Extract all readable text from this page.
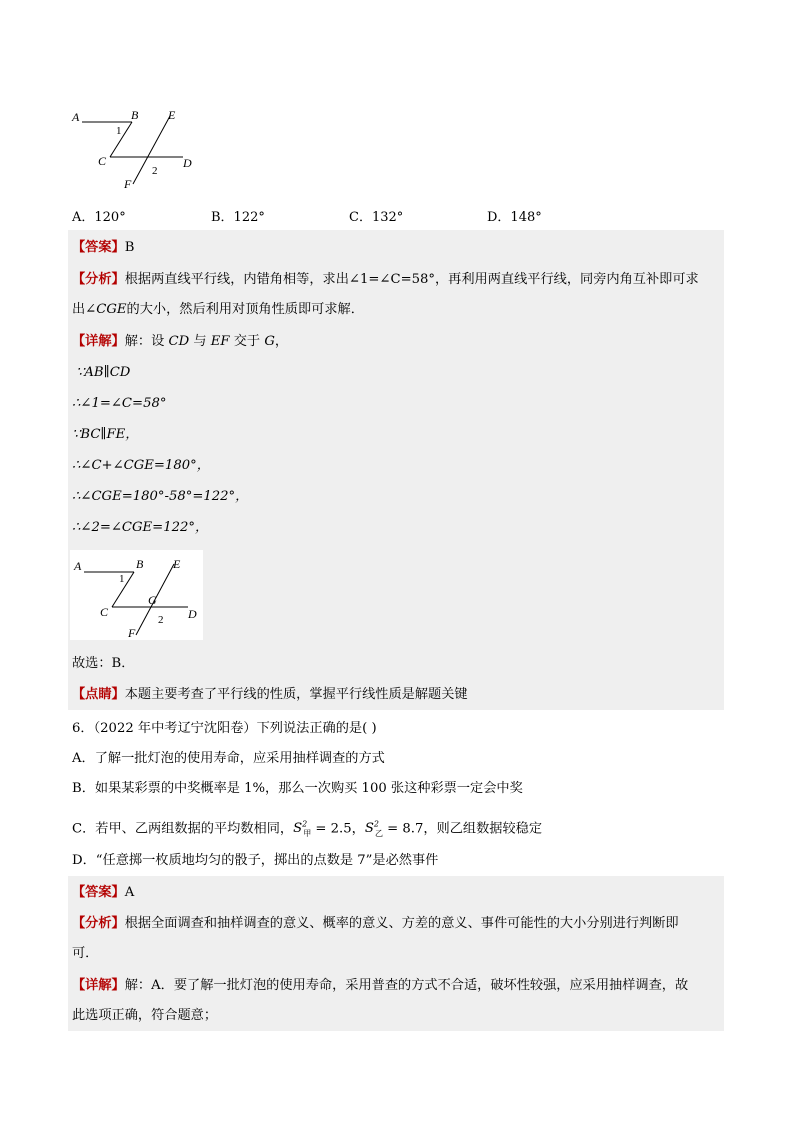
A	B E
C	D
F
1
2
A．120°	B．122°	C．132°	D．148°
【答案】B
【分析】根据两直线平行线，内错角相等，求出∠1=∠C=58°，再利用两直线平行线，同旁内角互补即可求
出∠CGE的大小，然后利用对顶角性质即可求解．
【详解】解：设 CD 与 EF 交于 G，
∵AB∥CD
∴∠1=∠C=58°
∵BC∥FE，
∴∠C+∠CGE=180°，
∴∠CGE=180°-58°=122°，
∴∠2=∠CGE=122°，
A	B E
C
G
D
F
1
2
故选：B．
【点睛】本题主要考查了平行线的性质，掌握平行线性质是解题关键
6．（2022 年中考辽宁沈阳卷）下列说法正确的是( )
A．了解一批灯泡的使用寿命，应采用抽样调查的方式
B．如果某彩票的中奖概率是 1%，那么一次购买 100 张这种彩票一定会中奖
C．若甲、乙两组数据的平均数相同，$S^2_甲 = 2.5$，$S^2_乙 = 8.7$，则乙组数据较稳定
D．“任意掷一枚质地均匀的骰子，掷出的点数是 7”是必然事件
【答案】A
【分析】根据全面调查和抽样调查的意义、概率的意义、方差的意义、事件可能性的大小分别进行判断即
可．
【详解】解：A．要了解一批灯泡的使用寿命，采用普查的方式不合适，破坏性较强，应采用抽样调查，故
此选项正确，符合题意；
